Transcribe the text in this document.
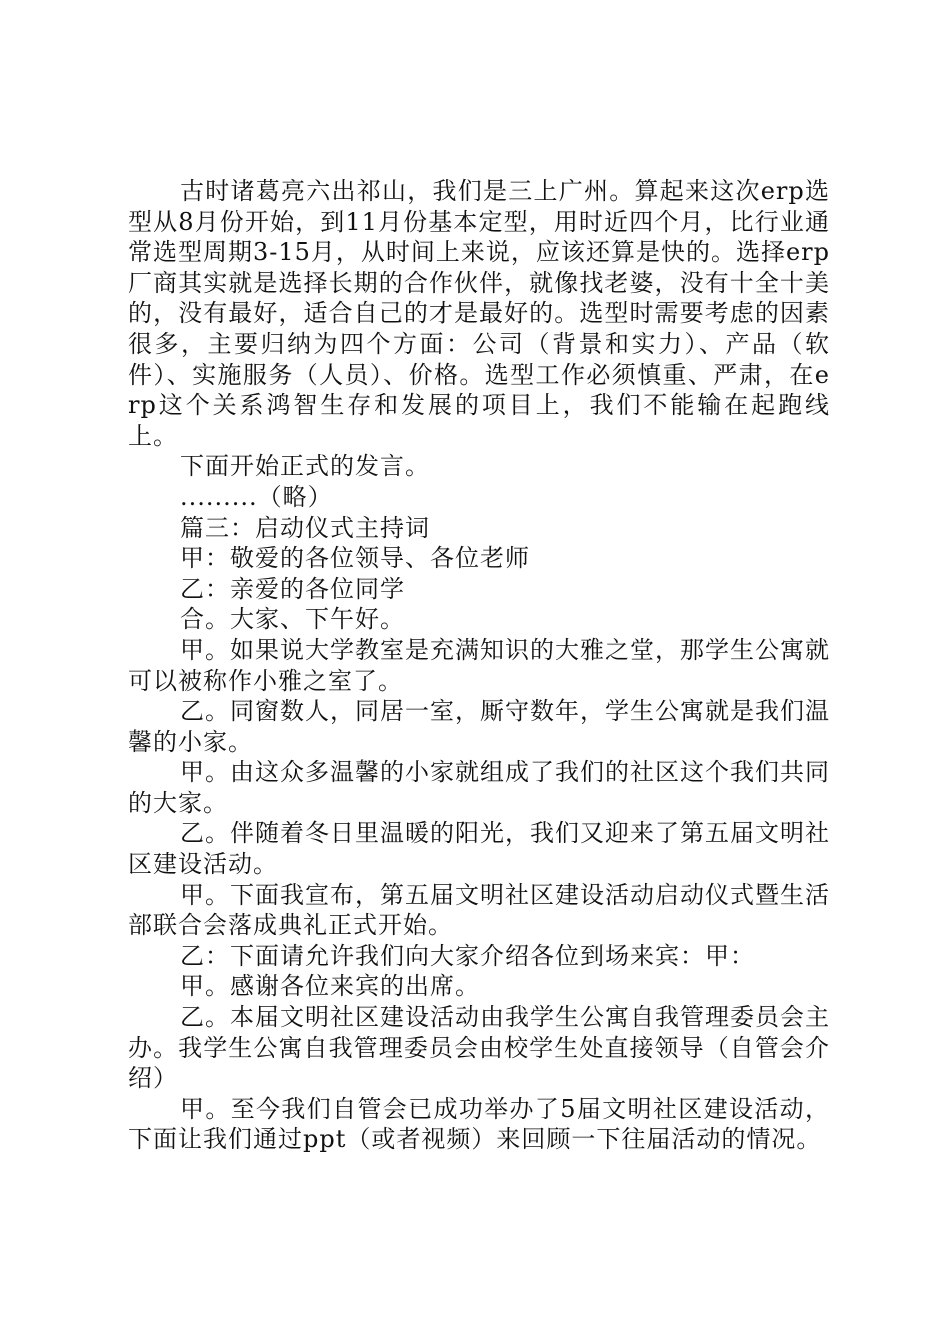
古时诸葛亮六出祁山，我们是三上广州。算起来这次erp选型从8月份开始，到11月份基本定型，用时近四个月，比行业通常选型周期3-15月，从时间上来说，应该还算是快的。选择erp厂商其实就是选择长期的合作伙伴，就像找老婆，没有十全十美的，没有最好，适合自己的才是最好的。选型时需要考虑的因素很多，主要归纳为四个方面：公司（背景和实力）、产品（软件）、实施服务（人员）、价格。选型工作必须慎重、严肃，在erp这个关系鸿智生存和发展的项目上，我们不能输在起跑线上。

下面开始正式的发言。

.........（略）

篇三：启动仪式主持词

甲：敬爱的各位领导、各位老师

乙：亲爱的各位同学

合。大家、下午好。

甲。如果说大学教室是充满知识的大雅之堂，那学生公寓就可以被称作小雅之室了。

乙。同窗数人，同居一室，厮守数年，学生公寓就是我们温馨的小家。

甲。由这众多温馨的小家就组成了我们的社区这个我们共同的大家。

乙。伴随着冬日里温暖的阳光，我们又迎来了第五届文明社区建设活动。

甲。下面我宣布，第五届文明社区建设活动启动仪式暨生活部联合会落成典礼正式开始。

乙：下面请允许我们向大家介绍各位到场来宾：甲：

甲。感谢各位来宾的出席。

乙。本届文明社区建设活动由我学生公寓自我管理委员会主办。我学生公寓自我管理委员会由校学生处直接领导（自管会介绍）

甲。至今我们自管会已成功举办了5届文明社区建设活动，下面让我们通过ppt（或者视频）来回顾一下往届活动的情况。
